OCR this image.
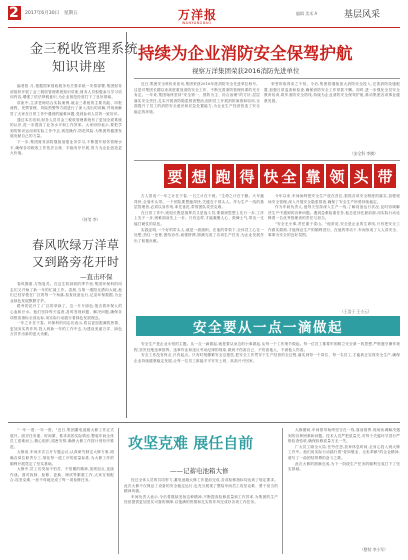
2 2017年6月30日　星期五	万洋报
WANYANGBAO
编辑 美术 A	基层风采
金三税收管理系统
知识讲座

编者按 月,根据国家财政税务有关要求统一安排部署,集团财务部组织开展了金三税收管理系统知识讲座,财务人员积极参与学习培训内容,增强了依法纳税意识,为企业规范经营打下了良好基础。

讲座中,主讲老师结合实际案例,就金三系统的主要功能、申报流程、发票管理、风险预警等方面进行了深入浅出的讲解,并现场解答了大家在日常工作中遇到的疑难问题,受到参训人员的一致好评。

通过本次培训,财务人员对金三税收管理系统有了更加全面系统的认识,进一步提高了业务水平和工作效率。大家纷纷表示,要把学到的知识运用到实际工作中去,规范操作,防范风险,为集团的健康发展贡献自己的力量。

下一步,集团财务部将继续加强业务学习,不断提升财务管理水平,确保各项税收工作依法合规、平稳有序开展,努力为企业创造更大价值。

（何苇 李）
春风吹绿万洋草
又到路旁花开时
—直击环保

春风拂面,万物复苏。在这生机勃勃的季节里,集团环保科的同志们又开始了新一年的忙碌工作。清晨,当第一缕阳光洒向大地,他们已经穿梭在厂区的每一个角落,检查设备运行,记录环保数据,为企业绿色发展默默守护。

路旁的花开了,厂区的草绿了。这一片片绿色,饱含着环保人的心血和汗水。他们坚持每天巡查,及时发现问题、解决问题,确保各项排放指标全部达标,用实际行动践行着绿色发展理念。

一年之计在于春。环保科的同志们表示,将以更加饱满的热情、更加务实的作风,投入到新一年的工作中去,为建设美丽万洋、绿色万洋作出新的更大贡献。

持续为企业消防安全保驾护航
视察万洋集团荣获2016消防先进单位

近日,集团安全科传来喜讯,集团荣获2016年度消防安全先进单位称号。这是对集团长期以来高度重视消防安全工作、不断完善消防管理体系的充分肯定。一年来,集团始终坚持"安全第一、预防为主、综合治理"的方针,层层落实安全责任,扎实开展消防隐患排查整治,组织员工开展消防演练和培训,全面提升了员工的消防安全意识和应急处置能力,为企业生产经营营造了安全稳定的环境。

荣誉的取得来之不易。今后,集团将继续加大消防安全投入,完善消防设施配置,加强日常巡查和检查,确保消防安全工作常抓不懈。同时,进一步强化全员安全教育培训,筑牢消防安全防线,持续为企业消防安全保驾护航,推动集团各项事业健康发展。

（安全科 李腾）
要 想 跑 得 快 全 靠 领 头 带

古人曾说:"一年之计在于春,一日之计在于晨。"生命之计在于勤。火车跑得快,全靠车头带。一个团队要想跑得快,关键在于领头人。作为生产一线的基层管理者,必须以身作则,率先垂范,带领团队攻坚克难。

在日常工作中,班组长既是指挥员又是战斗员,要做到思想上先行一步,工作上先干一步,困难面前先上一步。只有这样,才能凝聚人心、鼓舞士气,带出一支能打硬仗的队伍。

实践证明,一个好的带头人,就是一面旗帜。在他的带领下,全体员工心往一处想,劲往一处使,团结协作,顽强拼搏,圆满完成了各项生产任务,为企业发展作出了积极贡献。

今年以来,车间始终把安全生产放在首位,狠抓各项安全制度的落实,加强现场安全管理,深入开展安全隐患排查,确保了安全生产形势持续稳定。

作为车间负责人,他每天坚持深入生产一线,了解设备运行状况,及时协调解决生产中遇到的各种问题。遇到急难险重任务,他总是冲在最前面,用实际行动诠释着一名优秀管理者的责任与担当。

"安全无小事,责任重于泰山。"他常说,安全是企业的生命线,只有把安全工作做实做细,才能保证生产的顺利进行。在他的带动下,车间形成了人人讲安全、事事为安全的良好氛围。

（王浩子 王小云）
安全要从一点一滴做起

安全生产是企业永恒的主题。从一点一滴做起,就是要从身边的小事做起,从每一个工作细节做起。每一位员工都要牢固树立安全第一的思想,严格遵守操作规程,坚决杜绝违章指挥、违章作业和违反劳动纪律的现象,做到不伤害自己、不伤害他人、不被他人伤害。

安全工作没有终点,只有起点。只有时刻绷紧安全这根弦,把安全工作贯穿于生产经营的全过程,落实到每一个岗位、每一名员工,才能真正实现安全生产,确保企业持续健康稳定发展,让每一位员工都能平平安安上班、高高兴兴回家。

"一年一度,一年一度。"近日,集团蓄电池箱大修工作正式展开。面对任务重、时间紧、要求高的实际情况,整装车间全体员工迎难而上,精心组织,周密安排,确保大修工作按计划有序推进。

大修前,车间多次召开专题会议,认真研究制定大修方案,明确各岗位职责分工,细化每一道工序的质量标准,为大修工作的顺利开展奠定了坚实基础。

大修中,员工们发扬不怕苦、不怕累的精神,加班加点,连续作战。面对拆卸、检修、更换、调试等繁重工作,大家互相配合,攻坚克难,一丝不苟地完成了每一项检修任务。

攻坚克难 展任自前
——记蓄电池箱大修

经过全体人员的共同努力,蓄电池箱大修工作提前完成,各项检修指标均达到了规定要求。此次大修不仅保证了设备的安全稳定运行,也充分展现了整装车间员工攻坚克难、勇于担当的精神风貌。

车间负责人表示,今后将继续发扬这种精神,不断提高检修质量和工作效率,为集团的生产经营提供更加坚实可靠的保障,以饱满的热情和扎实的作风完成好各项工作任务。

大修期间,车间领导始终坚守在一线,靠前指挥,现场协调解决遇到的各种困难和问题。技术人员严把质量关,对每个关键环节进行严格检查验收,确保检修质量万无一失。

广大员工顾全大局,任劳任怨,放弃休息时间,全身心投入到大修工作中。他们用实际行动践行着"爱岗敬业、无私奉献"的企业精神,谱写了一曲团结拼搏的奋斗之歌。

此次大修的圆满完成,为下一阶段生产任务的顺利完成打下了坚实基础。

（整装 李小军）
